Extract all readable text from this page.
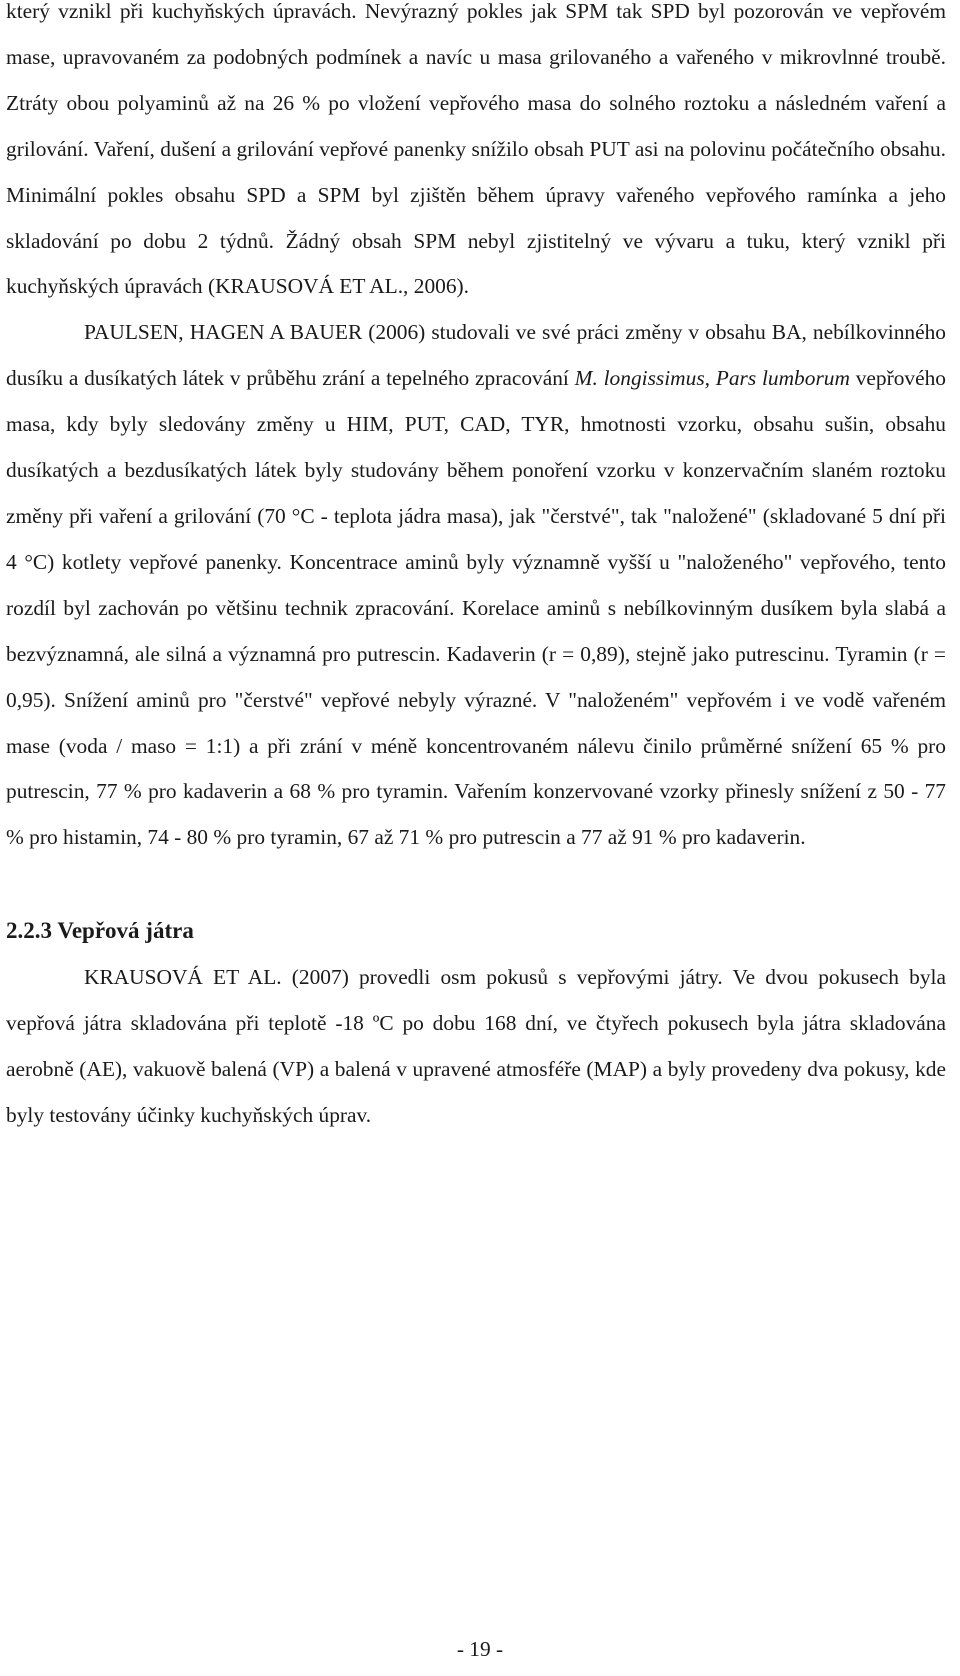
který vznikl při kuchyňských úpravách. Nevýrazný pokles jak SPM tak SPD byl pozorován ve vepřovém mase, upravovaném za podobných podmínek a navíc u masa grilovaného a vařeného v mikrovlnné troubě. Ztráty obou polyaminů až na 26 % po vložení vepřového masa do solného roztoku a následném vaření a grilování. Vaření, dušení a grilování vepřové panenky snížilo obsah PUT asi na polovinu počátečního obsahu. Minimální pokles obsahu SPD a SPM byl zjištěn během úpravy vařeného vepřového ramínka a jeho skladování po dobu 2 týdnů. Žádný obsah SPM nebyl zjistitelný ve vývaru a tuku, který vznikl při kuchyňských úpravách (KRAUSOVÁ ET AL., 2006).

PAULSEN, HAGEN A BAUER (2006) studovali ve své práci změny v obsahu BA, nebílkovinného dusíku a dusíkatých látek v průběhu zrání a tepelného zpracování M. longissimus, Pars lumborum vepřového masa, kdy byly sledovány změny u HIM, PUT, CAD, TYR, hmotnosti vzorku, obsahu sušin, obsahu dusíkatých a bezdusíkatých látek byly studovány během ponoření vzorku v konzervačním slaném roztoku změny při vaření a grilování (70 °C - teplota jádra masa), jak "čerstvé", tak "naložené" (skladované 5 dní při 4 °C) kotlety vepřové panenky. Koncentrace aminů byly významně vyšší u "naloženého" vepřového, tento rozdíl byl zachován po většinu technik zpracování. Korelace aminů s nebílkovinným dusíkem byla slabá a bezvýznamná, ale silná a významná pro putrescin. Kadaverin (r = 0,89), stejně jako putrescinu. Tyramin (r = 0,95). Snížení aminů pro "čerstvé" vepřové nebyly výrazné. V "naloženém" vepřovém i ve vodě vařeném mase (voda / maso = 1:1) a při zrání v méně koncentrovaném nálevu činilo průměrné snížení 65 % pro putrescin, 77 % pro kadaverin a 68 % pro tyramin. Vařením konzervované vzorky přinesly snížení z 50 - 77 % pro histamin, 74 - 80 % pro tyramin, 67 až 71 % pro putrescin a 77 až 91 % pro kadaverin.

2.2.3 Vepřová játra

KRAUSOVÁ ET AL. (2007) provedli osm pokusů s vepřovými játry. Ve dvou pokusech byla vepřová játra skladována při teplotě -18 ºC po dobu 168 dní, ve čtyřech pokusech byla játra skladována aerobně (AE), vakuově balená (VP) a balená v upravené atmosféře (MAP) a byly provedeny dva pokusy, kde byly testovány účinky kuchyňských úprav.

- 19 -
